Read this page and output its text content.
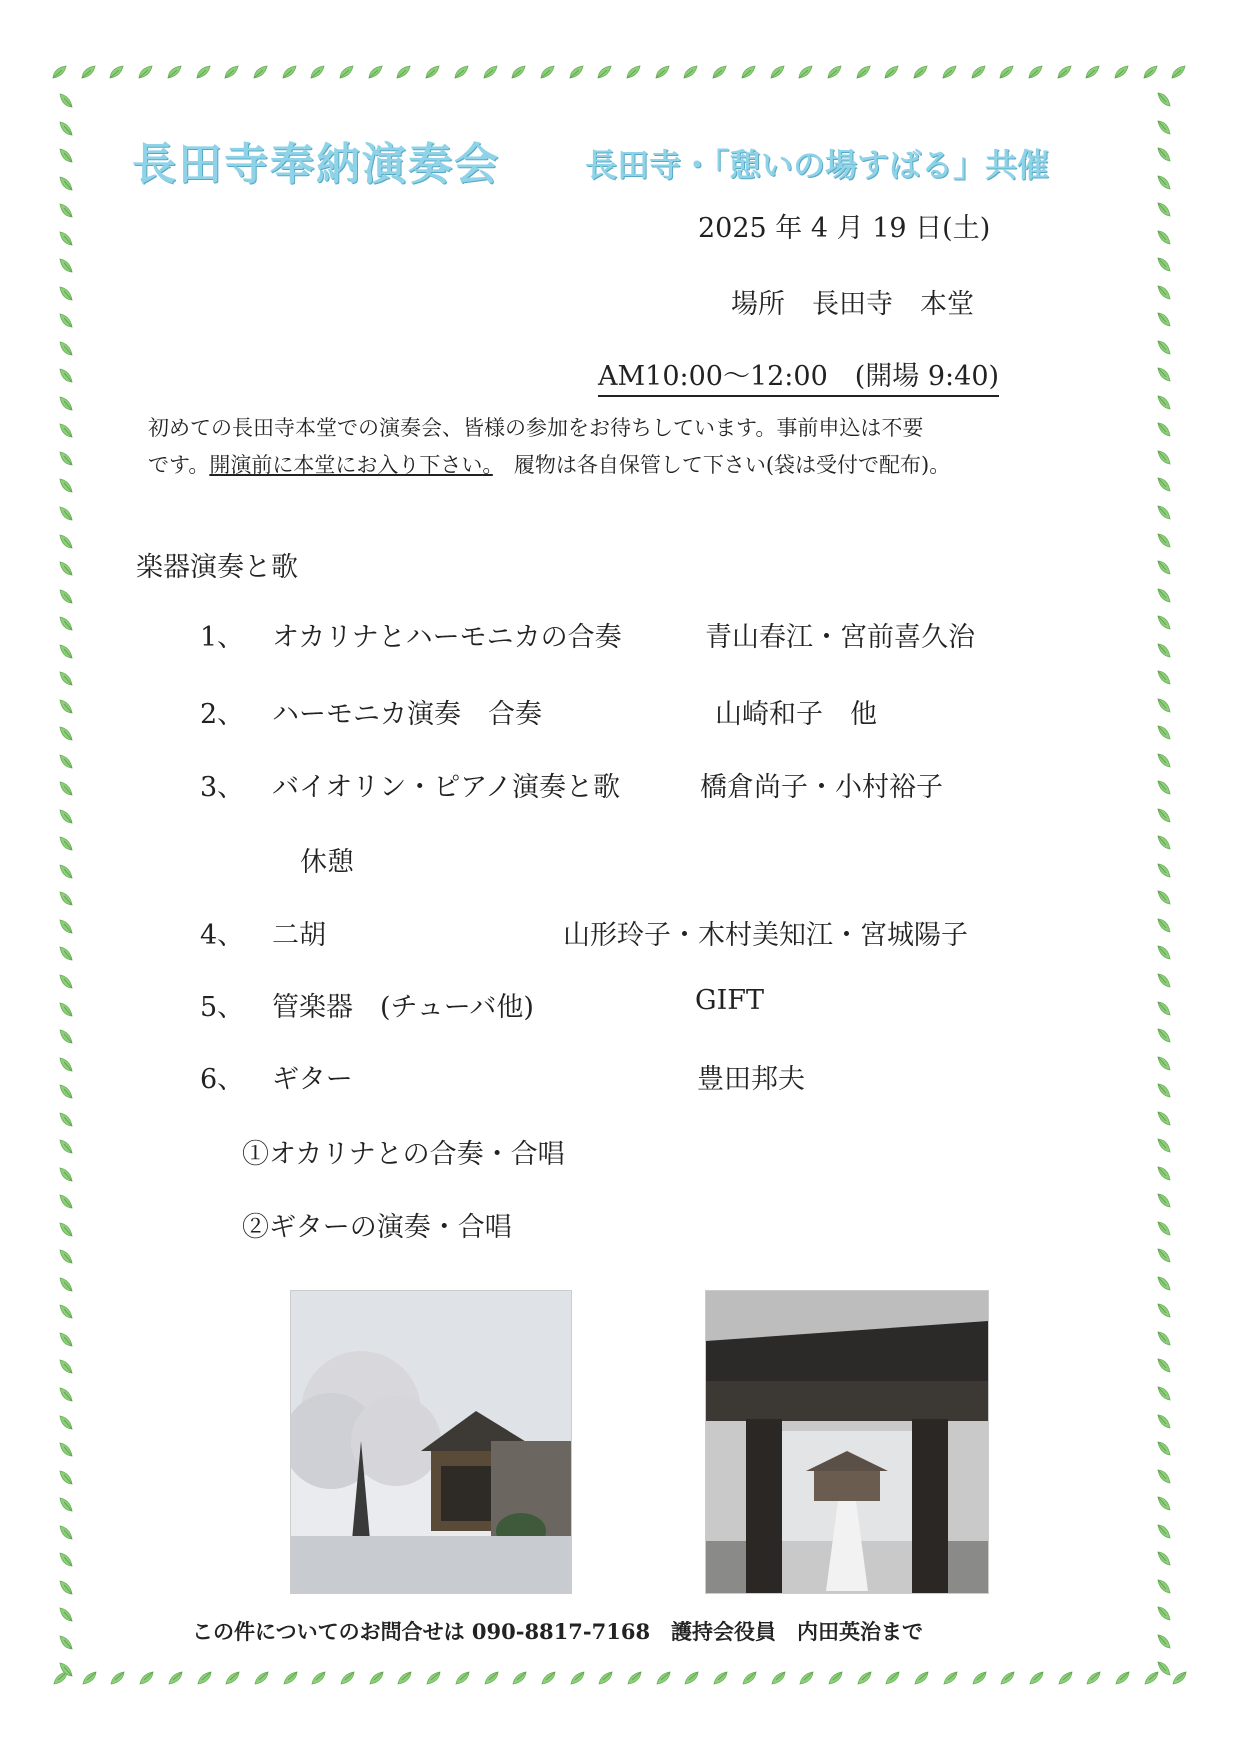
長田寺奉納演奏会	長田寺・「憩いの場すばる」共催
2025 年 4 月 19 日(土)
場所　長田寺　本堂
AM10:00～12:00　(開場 9:40)
初めての長田寺本堂での演奏会、皆様の参加をお待ちしています。事前申込は不要
です。開演前に本堂にお入り下さい。　履物は各自保管して下さい(袋は受付で配布)。
楽器演奏と歌
1、 オカリナとハーモニカの合奏	青山春江・宮前喜久治
2、 ハーモニカ演奏　合奏	山崎和子　他
3、 バイオリン・ピアノ演奏と歌	橋倉尚子・小村裕子
休憩
4、 二胡	山形玲子・木村美知江・宮城陽子
5、 管楽器　(チューバ他)	GIFT
6、 ギター	豊田邦夫
①オカリナとの合奏・合唱
②ギターの演奏・合唱
この件についてのお問合せは 090-8817-7168　護持会役員　内田英治まで
